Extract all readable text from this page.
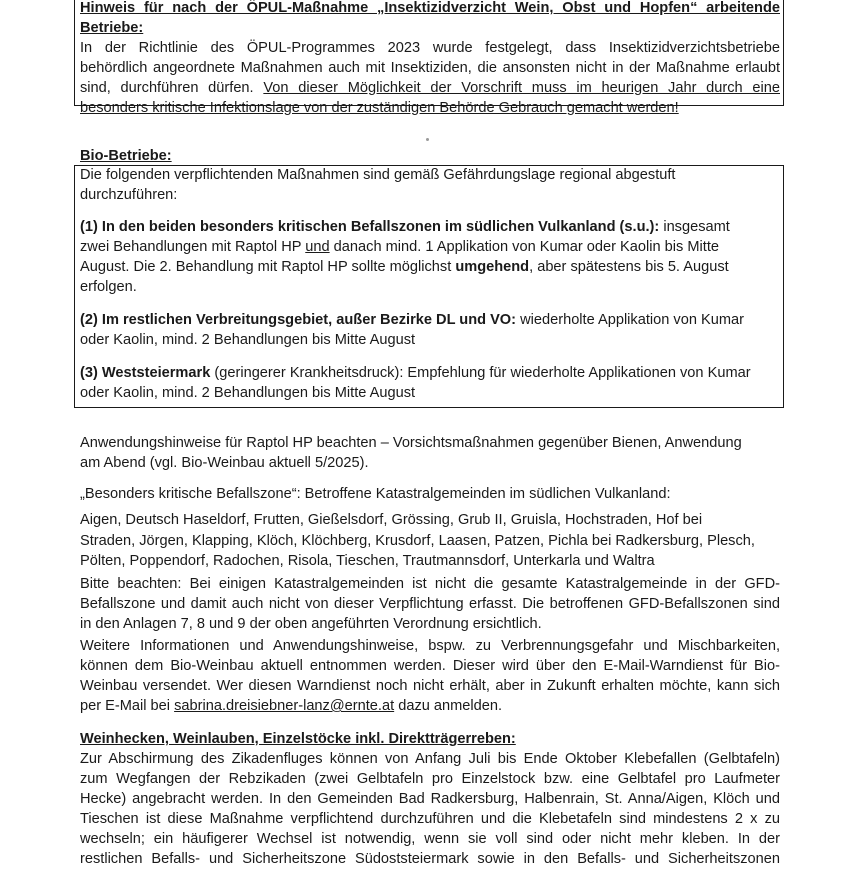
Hinweis für nach der ÖPUL-Maßnahme „Insektizidverzicht Wein, Obst und Hopfen“ arbeitende
Betriebe:
In der Richtlinie des ÖPUL-Programmes 2023 wurde festgelegt, dass Insektizidverzichtsbetriebe
behördlich angeordnete Maßnahmen auch mit Insektiziden, die ansonsten nicht in der Maßnahme erlaubt
sind, durchführen dürfen. Von dieser Möglichkeit der Vorschrift muss im heurigen Jahr durch eine
besonders kritische Infektionslage von der zuständigen Behörde Gebrauch gemacht werden!
Bio-Betriebe:
Die folgenden verpflichtenden Maßnahmen sind gemäß Gefährdungslage regional abgestuft
durchzuführen:
(1) In den beiden besonders kritischen Befallszonen im südlichen Vulkanland (s.u.): insgesamt
zwei Behandlungen mit Raptol HP und danach mind. 1 Applikation von Kumar oder Kaolin bis Mitte
August. Die 2. Behandlung mit Raptol HP sollte möglichst umgehend, aber spätestens bis 5. August
erfolgen.
(2) Im restlichen Verbreitungsgebiet, außer Bezirke DL und VO: wiederholte Applikation von Kumar
oder Kaolin, mind. 2 Behandlungen bis Mitte August
(3) Weststeiermark (geringerer Krankheitsdruck): Empfehlung für wiederholte Applikationen von Kumar
oder Kaolin, mind. 2 Behandlungen bis Mitte August
Anwendungshinweise für Raptol HP beachten – Vorsichtsmaßnahmen gegenüber Bienen, Anwendung
am Abend (vgl. Bio-Weinbau aktuell 5/2025).
„Besonders kritische Befallszone“: Betroffene Katastralgemeinden im südlichen Vulkanland:
Aigen, Deutsch Haseldorf, Frutten, Gießelsdorf, Grössing, Grub II, Gruisla, Hochstraden, Hof bei
Straden, Jörgen, Klapping, Klöch, Klöchberg, Krusdorf, Laasen, Patzen, Pichla bei Radkersburg, Plesch,
Pölten, Poppendorf, Radochen, Risola, Tieschen, Trautmannsdorf, Unterkarla und Waltra
Bitte beachten: Bei einigen Katastralgemeinden ist nicht die gesamte Katastralgemeinde in der GFD-
Befallszone und damit auch nicht von dieser Verpflichtung erfasst. Die betroffenen GFD-Befallszonen sind
in den Anlagen 7, 8 und 9 der oben angeführten Verordnung ersichtlich.
Weitere Informationen und Anwendungshinweise, bspw. zu Verbrennungsgefahr und Mischbarkeiten,
können dem Bio-Weinbau aktuell entnommen werden. Dieser wird über den E-Mail-Warndienst für Bio-
Weinbau versendet. Wer diesen Warndienst noch nicht erhält, aber in Zukunft erhalten möchte, kann sich
per E-Mail bei sabrina.dreisiebner-lanz@ernte.at dazu anmelden.
Weinhecken, Weinlauben, Einzelstöcke inkl. Direktträgerreben:
Zur Abschirmung des Zikadenfluges können von Anfang Juli bis Ende Oktober Klebefallen (Gelbtafeln)
zum Wegfangen der Rebzikaden (zwei Gelbtafeln pro Einzelstock bzw. eine Gelbtafel pro Laufmeter
Hecke) angebracht werden. In den Gemeinden Bad Radkersburg, Halbenrain, St. Anna/Aigen, Klöch und
Tieschen ist diese Maßnahme verpflichtend durchzuführen und die Klebetafeln sind mindestens 2 x zu
wechseln; ein häufigerer Wechsel ist notwendig, wenn sie voll sind oder nicht mehr kleben. In der
restlichen Befalls- und Sicherheitszone Südoststeiermark sowie in den Befalls- und Sicherheitszonen
